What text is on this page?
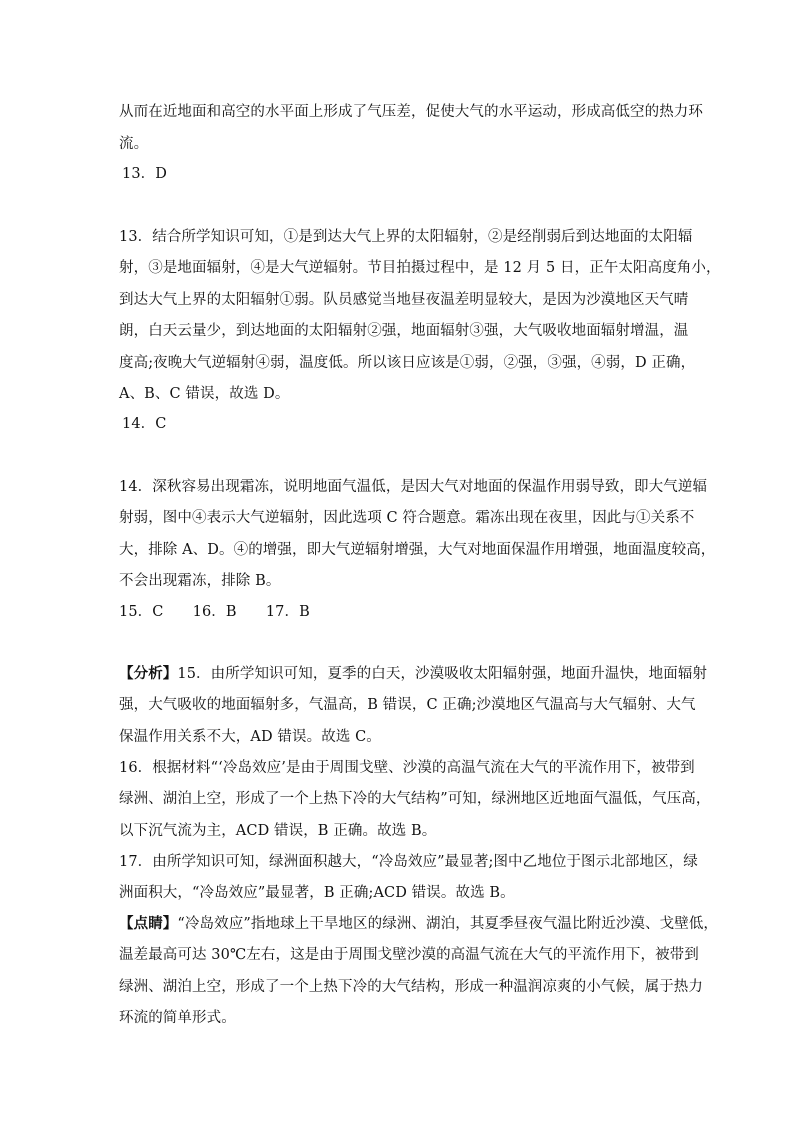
从而在近地面和高空的水平面上形成了气压差，促使大气的水平运动，形成高低空的热力环
流。
13．D
13．结合所学知识可知，①是到达大气上界的太阳辐射，②是经削弱后到达地面的太阳辐
射，③是地面辐射，④是大气逆辐射。节目拍摄过程中，是 12 月 5 日，正午太阳高度角小，
到达大气上界的太阳辐射①弱。队员感觉当地昼夜温差明显较大，是因为沙漠地区天气晴
朗，白天云量少，到达地面的太阳辐射②强，地面辐射③强，大气吸收地面辐射增温，温
度高;夜晚大气逆辐射④弱，温度低。所以该日应该是①弱，②强，③强，④弱，D 正确，
A、B、C 错误，故选 D。
14．C
14．深秋容易出现霜冻，说明地面气温低，是因大气对地面的保温作用弱导致，即大气逆辐
射弱，图中④表示大气逆辐射，因此选项 C 符合题意。霜冻出现在夜里，因此与①关系不
大，排除 A、D。④的增强，即大气逆辐射增强，大气对地面保温作用增强，地面温度较高，
不会出现霜冻，排除 B。
15．C　　16．B　　17．B
【分析】15．由所学知识可知，夏季的白天，沙漠吸收太阳辐射强，地面升温快，地面辐射
强，大气吸收的地面辐射多，气温高，B 错误，C 正确;沙漠地区气温高与大气辐射、大气
保温作用关系不大，AD 错误。故选 C。
16．根据材料“‘冷岛效应’是由于周围戈壁、沙漠的高温气流在大气的平流作用下，被带到
绿洲、湖泊上空，形成了一个上热下冷的大气结构”可知，绿洲地区近地面气温低，气压高，
以下沉气流为主，ACD 错误，B 正确。故选 B。
17．由所学知识可知，绿洲面积越大，“冷岛效应”最显著;图中乙地位于图示北部地区，绿
洲面积大，“冷岛效应”最显著，B 正确;ACD 错误。故选 B。
【点睛】“冷岛效应”指地球上干旱地区的绿洲、湖泊，其夏季昼夜气温比附近沙漠、戈壁低，
温差最高可达 30℃左右，这是由于周围戈壁沙漠的高温气流在大气的平流作用下，被带到
绿洲、湖泊上空，形成了一个上热下冷的大气结构，形成一种温润凉爽的小气候，属于热力
环流的简单形式。
